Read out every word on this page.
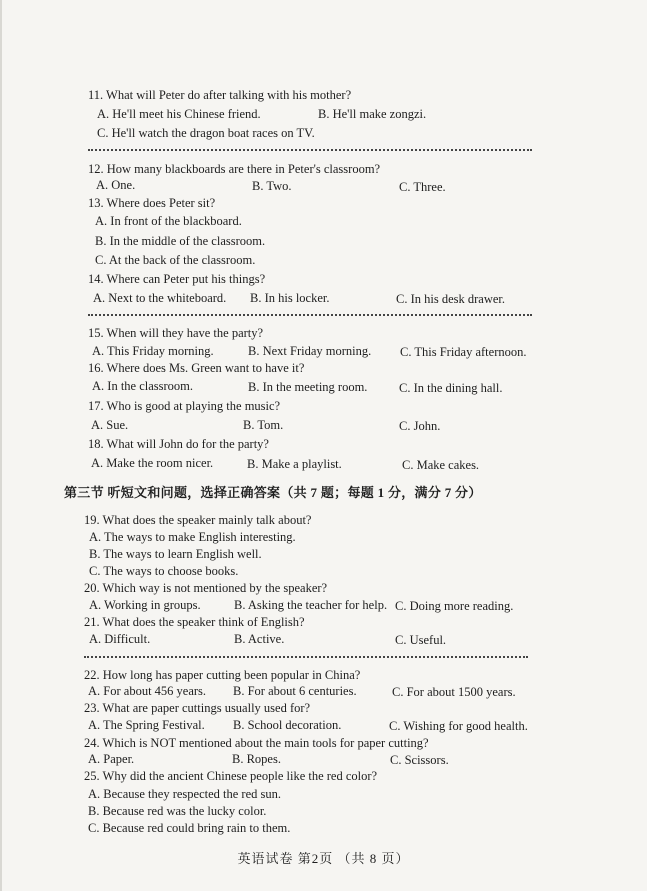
11. What will Peter do after talking with his mother?
A. He'll meet his Chinese friend.	B. He'll make zongzi.
C. He'll watch the dragon boat races on TV.
12. How many blackboards are there in Peter's classroom?
A. One.	B. Two.	C. Three.
13. Where does Peter sit?
A. In front of the blackboard.
B. In the middle of the classroom.
C. At the back of the classroom.
14. Where can Peter put his things?
A. Next to the whiteboard. B. In his locker.	C. In his desk drawer.
15. When will they have the party?
A. This Friday morning.	B. Next Friday morning. C. This Friday afternoon.
16. Where does Ms. Green want to have it?
A. In the classroom.	B. In the meeting room.	C. In the dining hall.
17. Who is good at playing the music?
A. Sue.	B. Tom.	C. John.
18. What will John do for the party?
A. Make the room nicer.	B. Make a playlist.	C. Make cakes.
第三节 听短文和问题，选择正确答案（共 7 题；每题 1 分，满分 7 分）
19. What does the speaker mainly talk about?
A. The ways to make English interesting.
B. The ways to learn English well.
C. The ways to choose books.
20. Which way is not mentioned by the speaker?
A. Working in groups.	B. Asking the teacher for help. C. Doing more reading.
21. What does the speaker think of English?
A. Difficult.	B. Active.	C. Useful.
22. How long has paper cutting been popular in China?
A. For about 456 years. B. For about 6 centuries.	C. For about 1500 years.
23. What are paper cuttings usually used for?
A. The Spring Festival. B. School decoration.	C. Wishing for good health.
24. Which is NOT mentioned about the main tools for paper cutting?
A. Paper.	B. Ropes.	C. Scissors.
25. Why did the ancient Chinese people like the red color?
A. Because they respected the red sun.
B. Because red was the lucky color.
C. Because red could bring rain to them.
英语试卷 第2页 （共 8 页）
